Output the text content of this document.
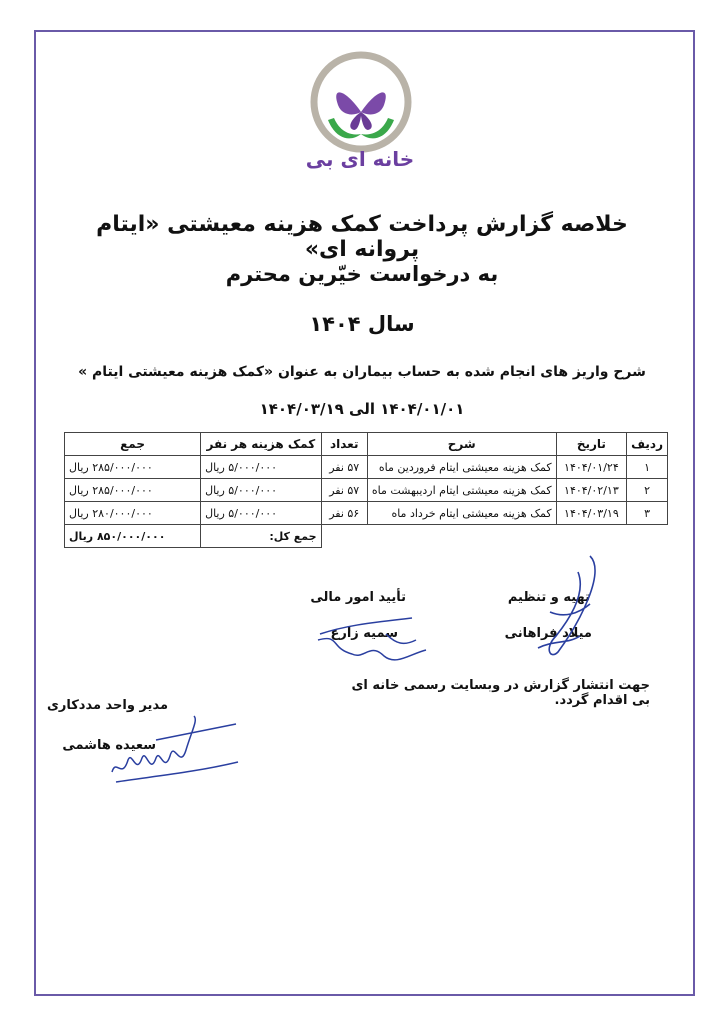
EB Home
خانه ای بی
خلاصه گزارش پرداخت کمک هزینه معیشتی «ایتام پروانه ای»
به درخواست خیّرین محترم
سال ۱۴۰۴
شرح واریز های انجام شده به حساب بیماران به عنوان «کمک هزینه معیشتی ایتام »
۱۴۰۴/۰۱/۰۱ الی ۱۴۰۴/۰۳/۱۹
ردیف	تاریخ	شرح	تعداد	کمک هزینه هر نفر	جمع
۱	۱۴۰۴/۰۱/۲۴	کمک هزینه معیشتی ایتام فروردین ماه	۵۷ نفر	۵/۰۰۰/۰۰۰ ریال	۲۸۵/۰۰۰/۰۰۰ ریال
۲	۱۴۰۴/۰۲/۱۳	کمک هزینه معیشتی ایتام اردیبهشت ماه	۵۷ نفر	۵/۰۰۰/۰۰۰ ریال	۲۸۵/۰۰۰/۰۰۰ ریال
۳	۱۴۰۴/۰۳/۱۹	کمک هزینه معیشتی ایتام خرداد ماه	۵۶ نفر	۵/۰۰۰/۰۰۰ ریال	۲۸۰/۰۰۰/۰۰۰ ریال
				جمع کل:	۸۵۰/۰۰۰/۰۰۰ ریال
تهیه و تنظیم
میلاد فراهانی
تأیید امور مالی
سمیه زارع
جهت انتشار گزارش در وبسایت رسمی خانه ای بی اقدام گردد.
مدیر واحد مددکاری
سعیده هاشمی
